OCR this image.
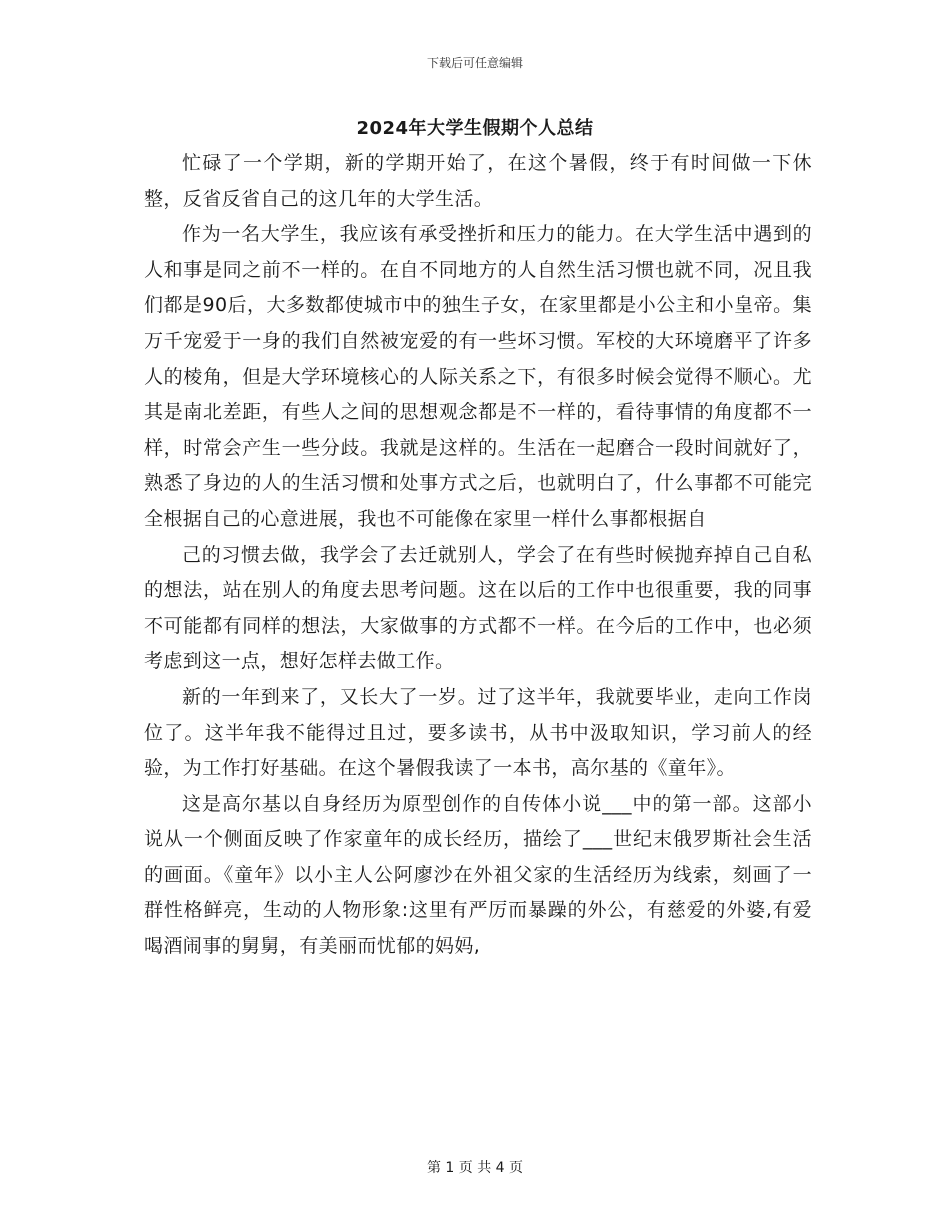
下载后可任意编辑
2024年大学生假期个人总结

忙碌了一个学期，新的学期开始了，在这个暑假，终于有时间做一下休整，反省反省自己的这几年的大学生活。

作为一名大学生，我应该有承受挫折和压力的能力。在大学生活中遇到的人和事是同之前不一样的。在自不同地方的人自然生活习惯也就不同，况且我们都是90后，大多数都使城市中的独生子女，在家里都是小公主和小皇帝。集万千宠爱于一身的我们自然被宠爱的有一些坏习惯。军校的大环境磨平了许多人的棱角，但是大学环境核心的人际关系之下，有很多时候会觉得不顺心。尤其是南北差距，有些人之间的思想观念都是不一样的，看待事情的角度都不一样，时常会产生一些分歧。我就是这样的。生活在一起磨合一段时间就好了，熟悉了身边的人的生活习惯和处事方式之后，也就明白了，什么事都不可能完全根据自己的心意进展，我也不可能像在家里一样什么事都根据自

己的习惯去做，我学会了去迁就别人，学会了在有些时候抛弃掉自己自私的想法，站在别人的角度去思考问题。这在以后的工作中也很重要，我的同事不可能都有同样的想法，大家做事的方式都不一样。在今后的工作中，也必须考虑到这一点，想好怎样去做工作。

新的一年到来了，又长大了一岁。过了这半年，我就要毕业，走向工作岗位了。这半年我不能得过且过，要多读书，从书中汲取知识，学习前人的经验，为工作打好基础。在这个暑假我读了一本书，高尔基的《童年》。

这是高尔基以自身经历为原型创作的自传体小说___中的第一部。这部小说从一个侧面反映了作家童年的成长经历，描绘了___世纪末俄罗斯社会生活的画面。《童年》以小主人公阿廖沙在外祖父家的生活经历为线索，刻画了一群性格鲜亮，生动的人物形象:这里有严厉而暴躁的外公，有慈爱的外婆,有爱喝酒闹事的舅舅，有美丽而忧郁的妈妈,

第 1 页 共 4 页
